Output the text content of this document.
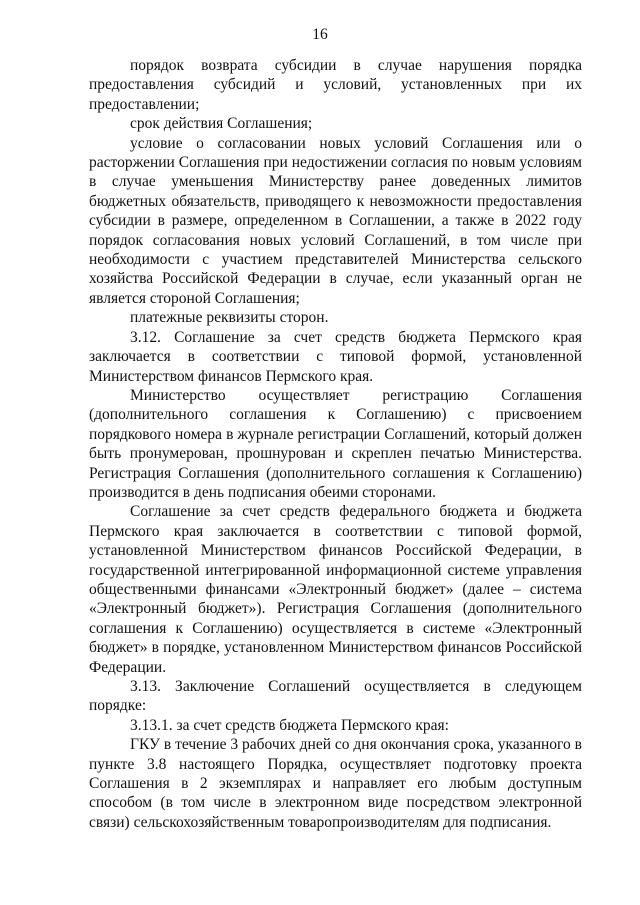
16

порядок возврата субсидии в случае нарушения порядка предоставления субсидий и условий, установленных при их предоставлении;

срок действия Соглашения;

условие о согласовании новых условий Соглашения или о расторжении Соглашения при недостижении согласия по новым условиям в случае уменьшения Министерству ранее доведенных лимитов бюджетных обязательств, приводящего к невозможности предоставления субсидии в размере, определенном в Соглашении, а также в 2022 году порядок согласования новых условий Соглашений, в том числе при необходимости с участием представителей Министерства сельского хозяйства Российской Федерации в случае, если указанный орган не является стороной Соглашения;

платежные реквизиты сторон.

3.12. Соглашение за счет средств бюджета Пермского края заключается в соответствии с типовой формой, установленной Министерством финансов Пермского края.

Министерство осуществляет регистрацию Соглашения (дополнительного соглашения к Соглашению) с присвоением порядкового номера в журнале регистрации Соглашений, который должен быть пронумерован, прошнурован и скреплен печатью Министерства. Регистрация Соглашения (дополнительного соглашения к Соглашению) производится в день подписания обеими сторонами.

Соглашение за счет средств федерального бюджета и бюджета Пермского края заключается в соответствии с типовой формой, установленной Министерством финансов Российской Федерации, в государственной интегрированной информационной системе управления общественными финансами «Электронный бюджет» (далее – система «Электронный бюджет»). Регистрация Соглашения (дополнительного соглашения к Соглашению) осуществляется в системе «Электронный бюджет» в порядке, установленном Министерством финансов Российской Федерации.

3.13. Заключение Соглашений осуществляется в следующем порядке:

3.13.1. за счет средств бюджета Пермского края:

ГКУ в течение 3 рабочих дней со дня окончания срока, указанного в пункте 3.8 настоящего Порядка, осуществляет подготовку проекта Соглашения в 2 экземплярах и направляет его любым доступным способом (в том числе в электронном виде посредством электронной связи) сельскохозяйственным товаропроизводителям для подписания.
